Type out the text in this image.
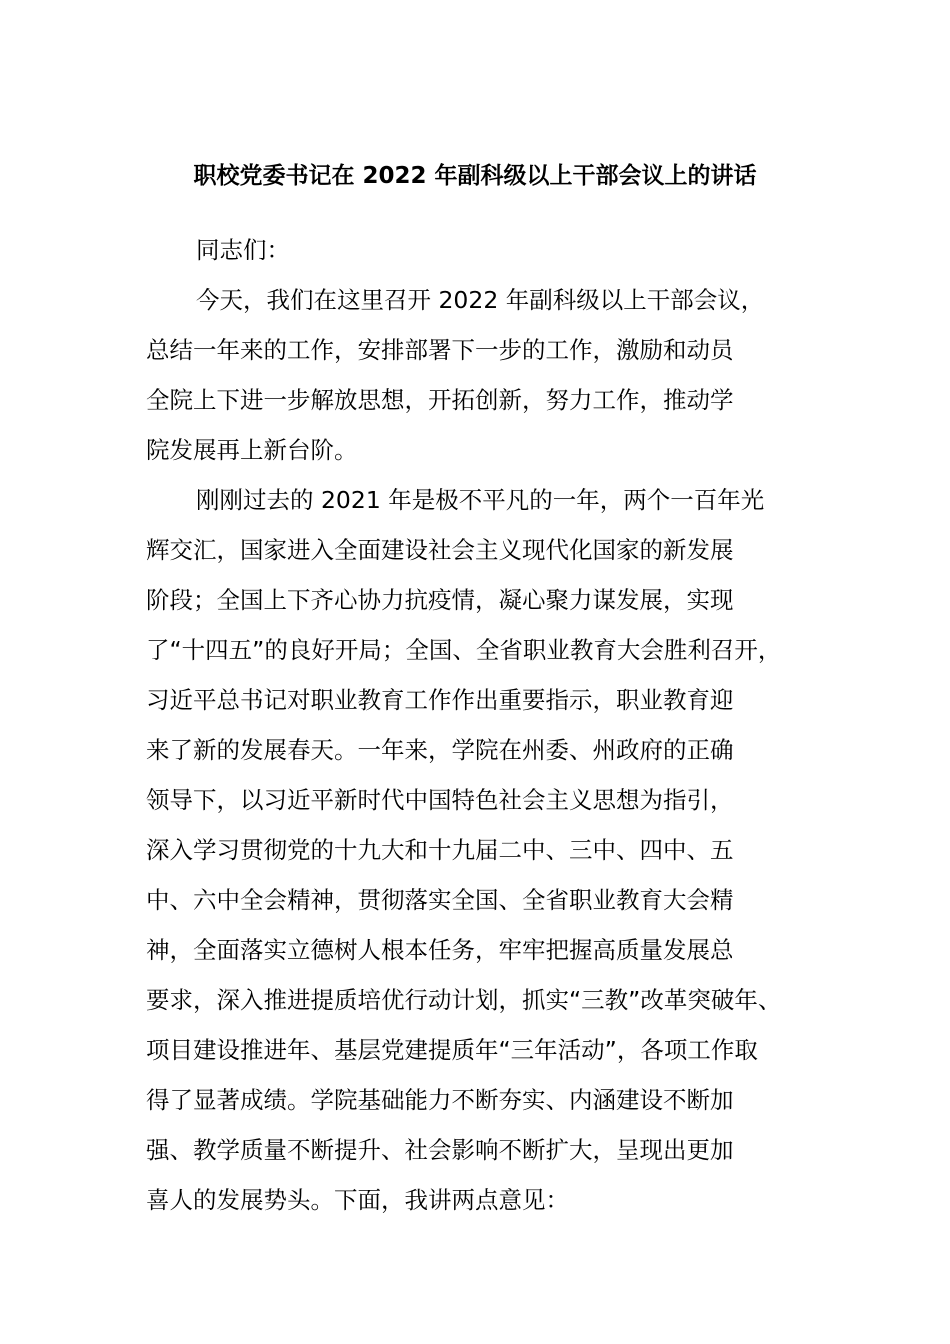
职校党委书记在 2022 年副科级以上干部会议上的讲话
同志们：
今天，我们在这里召开 2022 年副科级以上干部会议，
总结一年来的工作，安排部署下一步的工作，激励和动员
全院上下进一步解放思想，开拓创新，努力工作，推动学
院发展再上新台阶。
刚刚过去的 2021 年是极不平凡的一年，两个一百年光
辉交汇，国家进入全面建设社会主义现代化国家的新发展
阶段；全国上下齐心协力抗疫情，凝心聚力谋发展，实现
了“十四五”的良好开局；全国、全省职业教育大会胜利召开，
习近平总书记对职业教育工作作出重要指示，职业教育迎
来了新的发展春天。一年来，学院在州委、州政府的正确
领导下，以习近平新时代中国特色社会主义思想为指引，
深入学习贯彻党的十九大和十九届二中、三中、四中、五
中、六中全会精神，贯彻落实全国、全省职业教育大会精
神，全面落实立德树人根本任务，牢牢把握高质量发展总
要求，深入推进提质培优行动计划，抓实“三教”改革突破年、
项目建设推进年、基层党建提质年“三年活动”，各项工作取
得了显著成绩。学院基础能力不断夯实、内涵建设不断加
强、教学质量不断提升、社会影响不断扩大，呈现出更加
喜人的发展势头。下面，我讲两点意见：
